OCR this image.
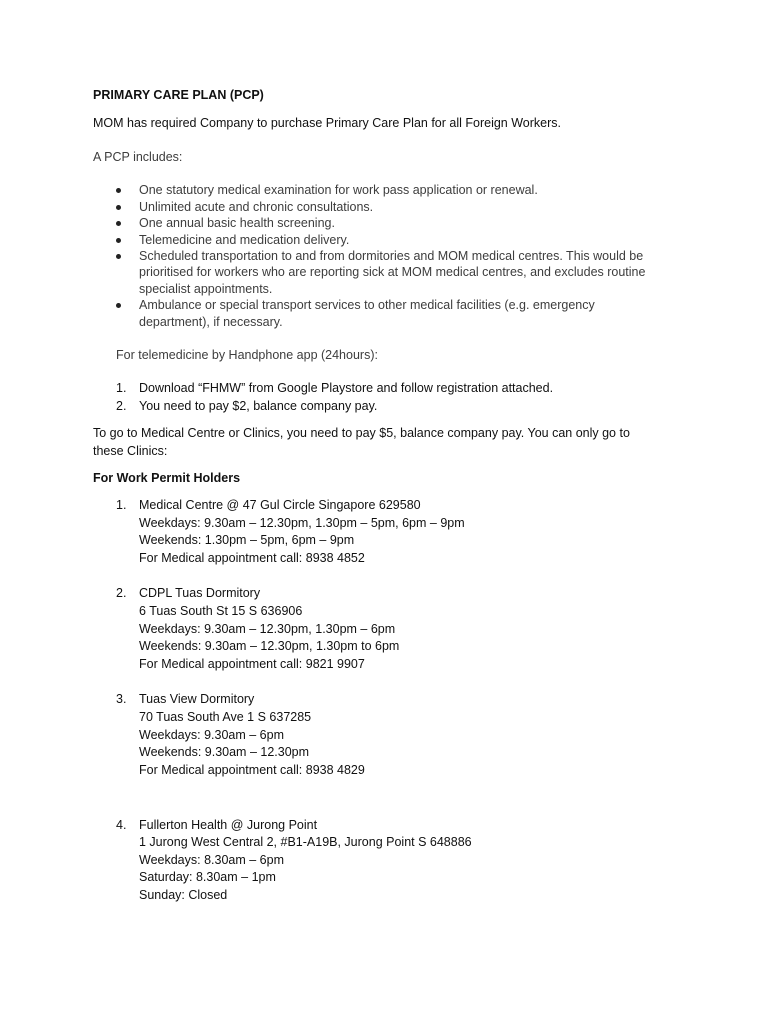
PRIMARY CARE PLAN (PCP)

MOM has required Company to purchase Primary Care Plan for all Foreign Workers.

A PCP includes:

One statutory medical examination for work pass application or renewal.

Unlimited acute and chronic consultations.

One annual basic health screening.

Telemedicine and medication delivery.

Scheduled transportation to and from dormitories and MOM medical centres. This would be

prioritised for workers who are reporting sick at MOM medical centres, and excludes routine

specialist appointments.

Ambulance or special transport services to other medical facilities (e.g. emergency

department), if necessary.

For telemedicine by Handphone app (24hours):

1. Download “FHMW” from Google Playstore and follow registration attached.

2. You need to pay $2, balance company pay.

To go to Medical Centre or Clinics, you need to pay $5, balance company pay. You can only go to

these Clinics:

For Work Permit Holders

1. Medical Centre @ 47 Gul Circle Singapore 629580

Weekdays: 9.30am – 12.30pm, 1.30pm – 5pm, 6pm – 9pm

Weekends: 1.30pm – 5pm, 6pm – 9pm

For Medical appointment call: 8938 4852

2. CDPL Tuas Dormitory

6 Tuas South St 15 S 636906

Weekdays: 9.30am – 12.30pm, 1.30pm – 6pm

Weekends: 9.30am – 12.30pm, 1.30pm to 6pm

For Medical appointment call: 9821 9907

3. Tuas View Dormitory

70 Tuas South Ave 1 S 637285

Weekdays: 9.30am – 6pm

Weekends: 9.30am – 12.30pm

For Medical appointment call: 8938 4829

4. Fullerton Health @ Jurong Point

1 Jurong West Central 2, #B1-A19B, Jurong Point S 648886

Weekdays: 8.30am – 6pm

Saturday: 8.30am – 1pm

Sunday: Closed
